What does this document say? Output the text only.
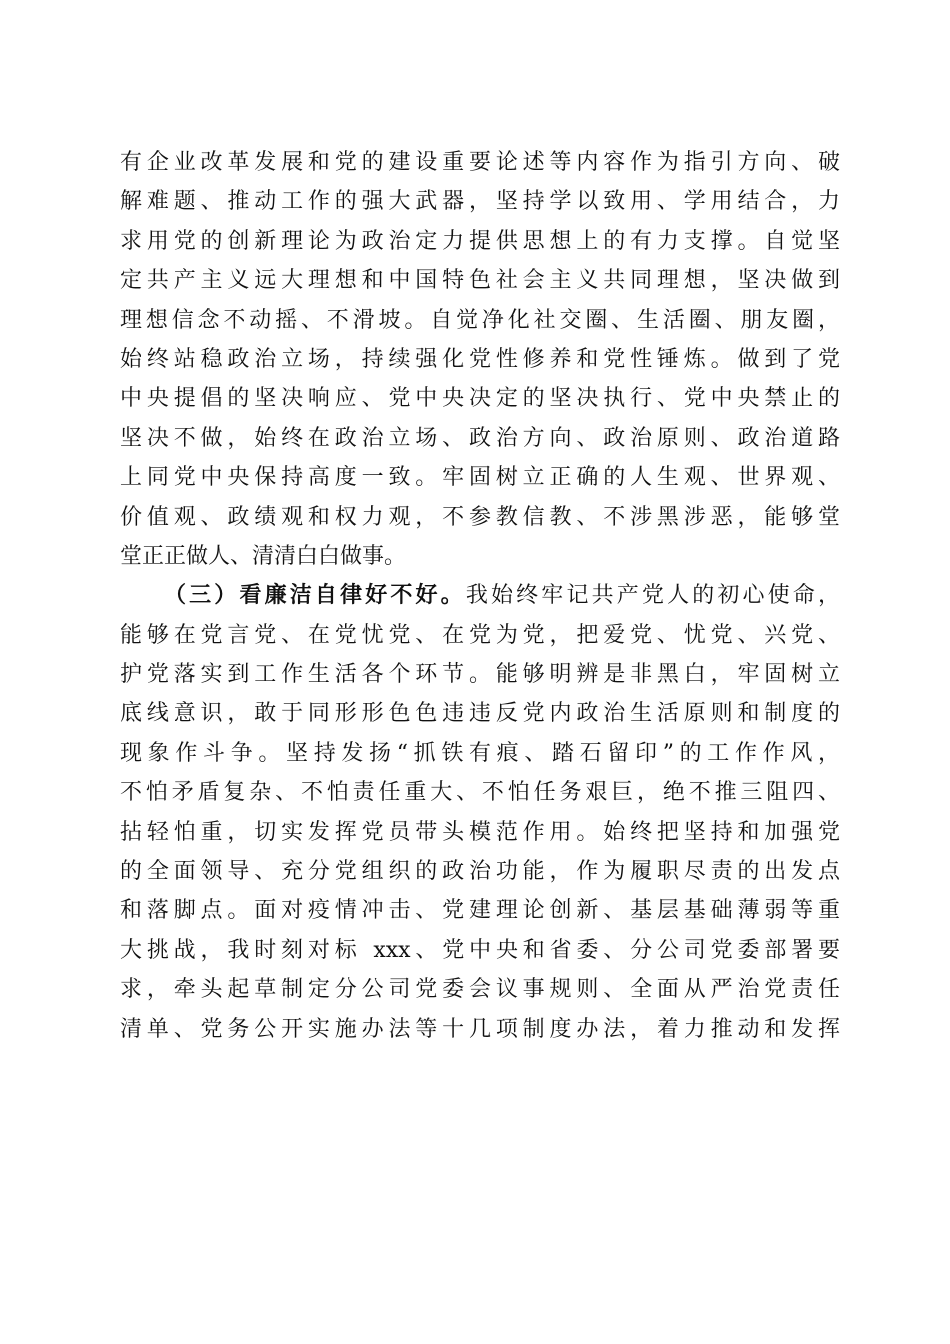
有企业改革发展和党的建设重要论述等内容作为指引方向、破
解难题、推动工作的强大武器，坚持学以致用、学用结合，力
求用党的创新理论为政治定力提供思想上的有力支撑。自觉坚
定共产主义远大理想和中国特色社会主义共同理想，坚决做到
理想信念不动摇、不滑坡。自觉净化社交圈、生活圈、朋友圈，
始终站稳政治立场，持续强化党性修养和党性锤炼。做到了党
中央提倡的坚决响应、党中央决定的坚决执行、党中央禁止的
坚决不做，始终在政治立场、政治方向、政治原则、政治道路
上同党中央保持高度一致。牢固树立正确的人生观、世界观、
价值观、政绩观和权力观，不参教信教、不涉黑涉恶，能够堂
堂正正做人、清清白白做事。
（三）看廉洁自律好不好。我始终牢记共产党人的初心使命，
能够在党言党、在党忧党、在党为党，把爱党、忧党、兴党、
护党落实到工作生活各个环节。能够明辨是非黑白，牢固树立
底线意识，敢于同形形色色违违反党内政治生活原则和制度的
现象作斗争。坚持发扬“抓铁有痕、踏石留印”的工作作风，
不怕矛盾复杂、不怕责任重大、不怕任务艰巨，绝不推三阻四、
拈轻怕重，切实发挥党员带头模范作用。始终把坚持和加强党
的全面领导、充分党组织的政治功能，作为履职尽责的出发点
和落脚点。面对疫情冲击、党建理论创新、基层基础薄弱等重
大挑战，我时刻对标 xxx、党中央和省委、分公司党委部署要
求，牵头起草制定分公司党委会议事规则、全面从严治党责任
清单、党务公开实施办法等十几项制度办法，着力推动和发挥
